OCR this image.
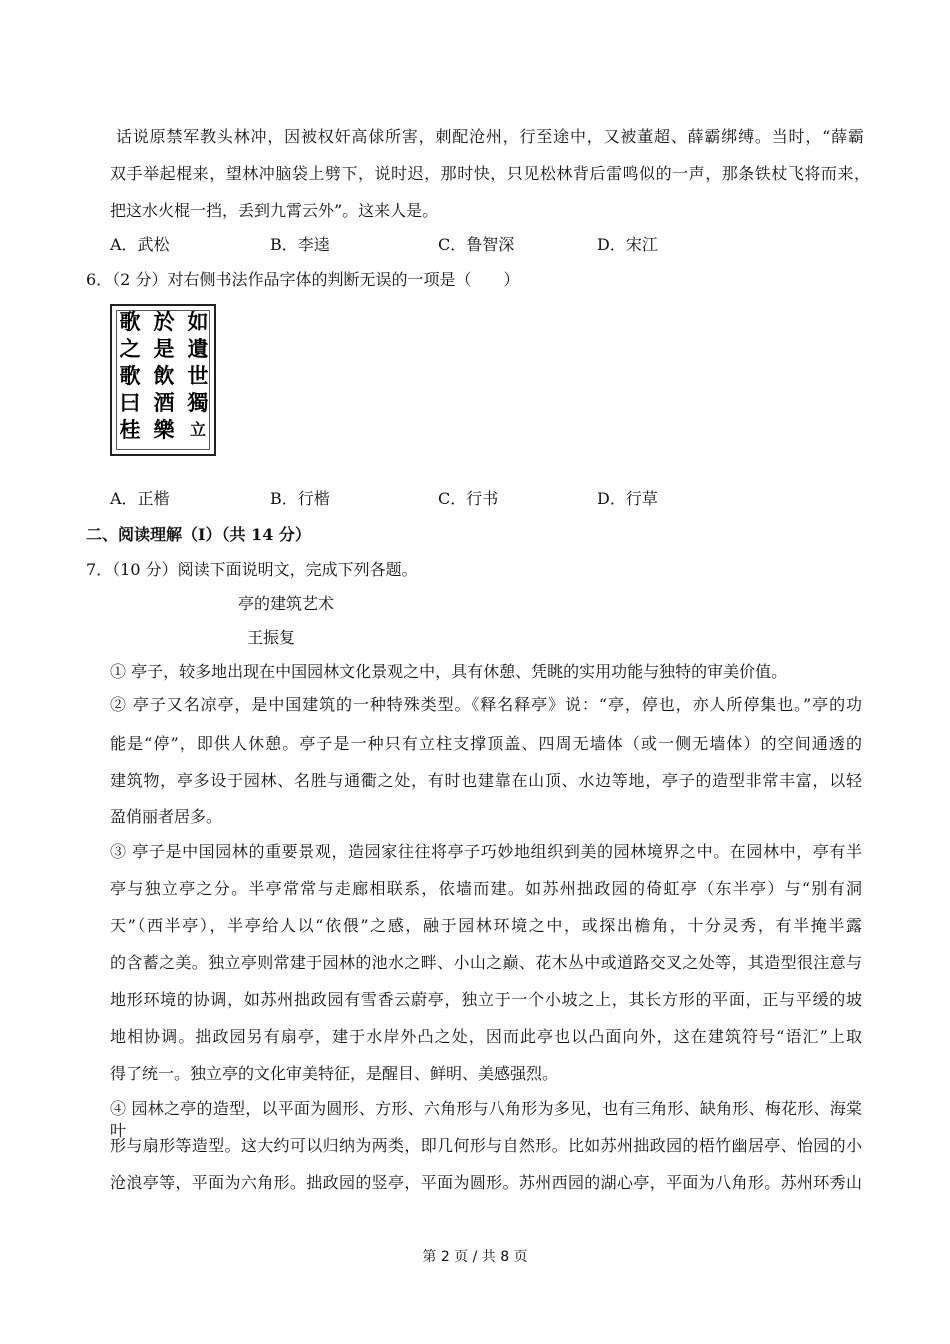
话说原禁军教头林冲，因被权奸高俅所害，刺配沧州，行至途中，又被董超、薛霸绑缚。当时，“薛霸
双手举起棍来，望林冲脑袋上劈下，说时迟，那时快，只见松林背后雷鸣似的一声，那条铁杖飞将而来，
把这水火棍一挡，丢到九霄云外”。这来人是。
A．武松	B．李逵	C．鲁智深	D．宋江
6．（2 分）对右侧书法作品字体的判断无误的一项是（　　）
如
遺
世
獨
立
於
是
飲
酒
樂
歌
之
歌
曰
桂
A．正楷	B．行楷	C．行书	D．行草
二、阅读理解（Ⅰ）（共 14 分）
7．（10 分）阅读下面说明文，完成下列各题。
亭的建筑艺术
王振复
① 亭子，较多地出现在中国园林文化景观之中，具有休憩、凭眺的实用功能与独特的审美价值。
② 亭子又名凉亭，是中国建筑的一种特殊类型。《释名释亭》说：“亭，停也，亦人所停集也。”亭的功
能是“停”，即供人休憩。亭子是一种只有立柱支撑顶盖、四周无墙体（或一侧无墙体）的空间通透的
建筑物，亭多设于园林、名胜与通衢之处，有时也建靠在山顶、水边等地，亭子的造型非常丰富，以轻
盈俏丽者居多。
③ 亭子是中国园林的重要景观，造园家往往将亭子巧妙地组织到美的园林境界之中。在园林中，亭有半
亭与独立亭之分。半亭常常与走廊相联系，依墙而建。如苏州拙政园的倚虹亭（东半亭）与“别有洞
天”（西半亭），半亭给人以“依偎”之感，融于园林环境之中，或探出檐角，十分灵秀，有半掩半露
的含蓄之美。独立亭则常建于园林的池水之畔、小山之巅、花木丛中或道路交叉之处等，其造型很注意与
地形环境的协调，如苏州拙政园有雪香云蔚亭，独立于一个小坡之上，其长方形的平面，正与平缓的坡
地相协调。拙政园另有扇亭，建于水岸外凸之处，因而此亭也以凸面向外，这在建筑符号“语汇”上取
得了统一。独立亭的文化审美特征，是醒目、鲜明、美感强烈。
④ 园林之亭的造型，以平面为圆形、方形、六角形与八角形为多见，也有三角形、缺角形、梅花形、海棠叶
形与扇形等造型。这大约可以归纳为两类，即几何形与自然形。比如苏州拙政园的梧竹幽居亭、怡园的小
沧浪亭等，平面为六角形。拙政园的竖亭，平面为圆形。苏州西园的湖心亭，平面为八角形。苏州环秀山
第 2 页 / 共 8 页
